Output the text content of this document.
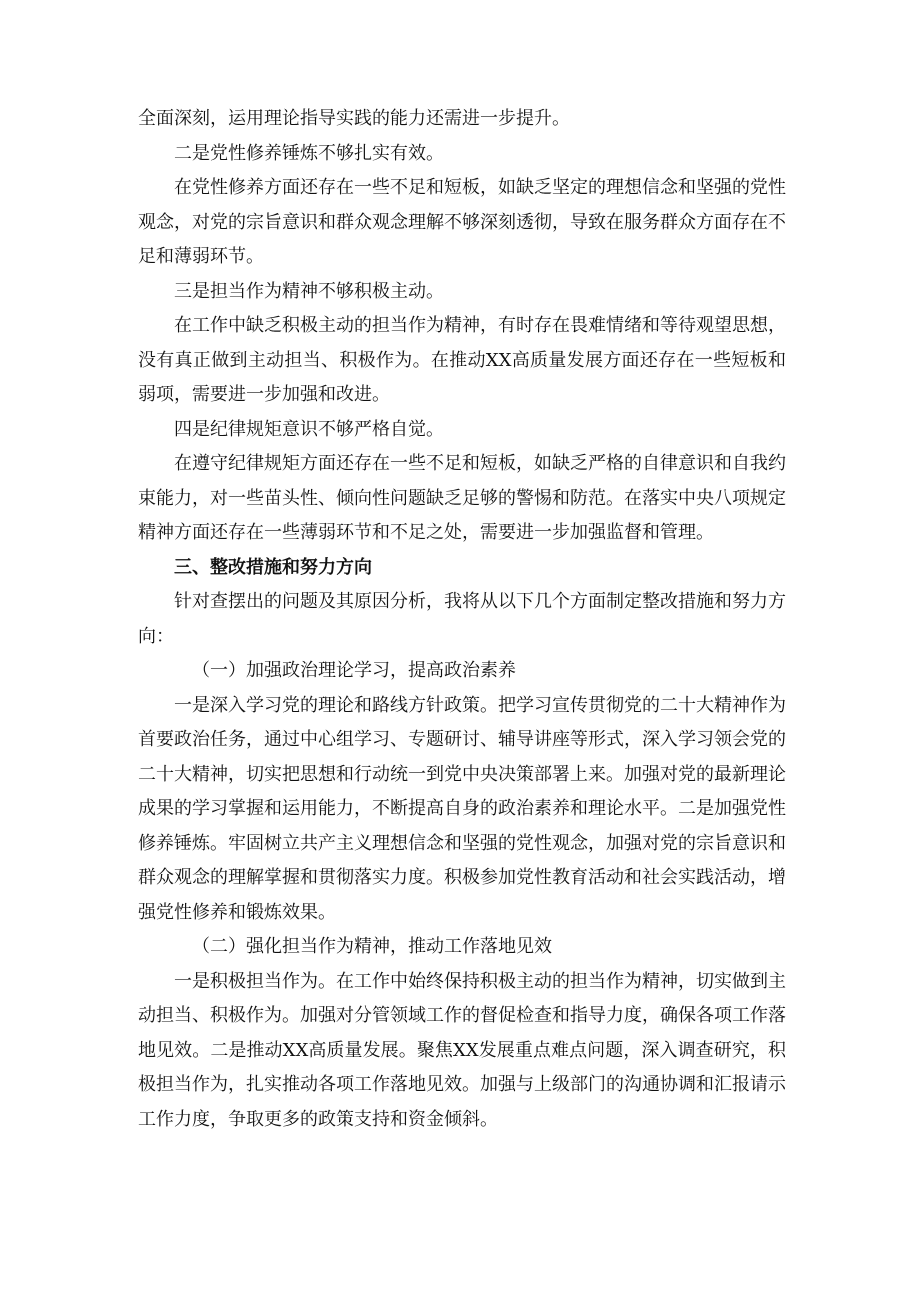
全面深刻，运用理论指导实践的能力还需进一步提升。

二是党性修养锤炼不够扎实有效。

在党性修养方面还存在一些不足和短板，如缺乏坚定的理想信念和坚强的党性观念，对党的宗旨意识和群众观念理解不够深刻透彻，导致在服务群众方面存在不足和薄弱环节。

三是担当作为精神不够积极主动。

在工作中缺乏积极主动的担当作为精神，有时存在畏难情绪和等待观望思想，没有真正做到主动担当、积极作为。在推动XX高质量发展方面还存在一些短板和弱项，需要进一步加强和改进。

四是纪律规矩意识不够严格自觉。

在遵守纪律规矩方面还存在一些不足和短板，如缺乏严格的自律意识和自我约束能力，对一些苗头性、倾向性问题缺乏足够的警惕和防范。在落实中央八项规定精神方面还存在一些薄弱环节和不足之处，需要进一步加强监督和管理。

三、整改措施和努力方向

针对查摆出的问题及其原因分析，我将从以下几个方面制定整改措施和努力方向：

（一）加强政治理论学习，提高政治素养

一是深入学习党的理论和路线方针政策。把学习宣传贯彻党的二十大精神作为首要政治任务，通过中心组学习、专题研讨、辅导讲座等形式，深入学习领会党的二十大精神，切实把思想和行动统一到党中央决策部署上来。加强对党的最新理论成果的学习掌握和运用能力，不断提高自身的政治素养和理论水平。二是加强党性修养锤炼。牢固树立共产主义理想信念和坚强的党性观念，加强对党的宗旨意识和群众观念的理解掌握和贯彻落实力度。积极参加党性教育活动和社会实践活动，增强党性修养和锻炼效果。

（二）强化担当作为精神，推动工作落地见效

一是积极担当作为。在工作中始终保持积极主动的担当作为精神，切实做到主动担当、积极作为。加强对分管领域工作的督促检查和指导力度，确保各项工作落地见效。二是推动XX高质量发展。聚焦XX发展重点难点问题，深入调查研究，积极担当作为，扎实推动各项工作落地见效。加强与上级部门的沟通协调和汇报请示工作力度，争取更多的政策支持和资金倾斜。
